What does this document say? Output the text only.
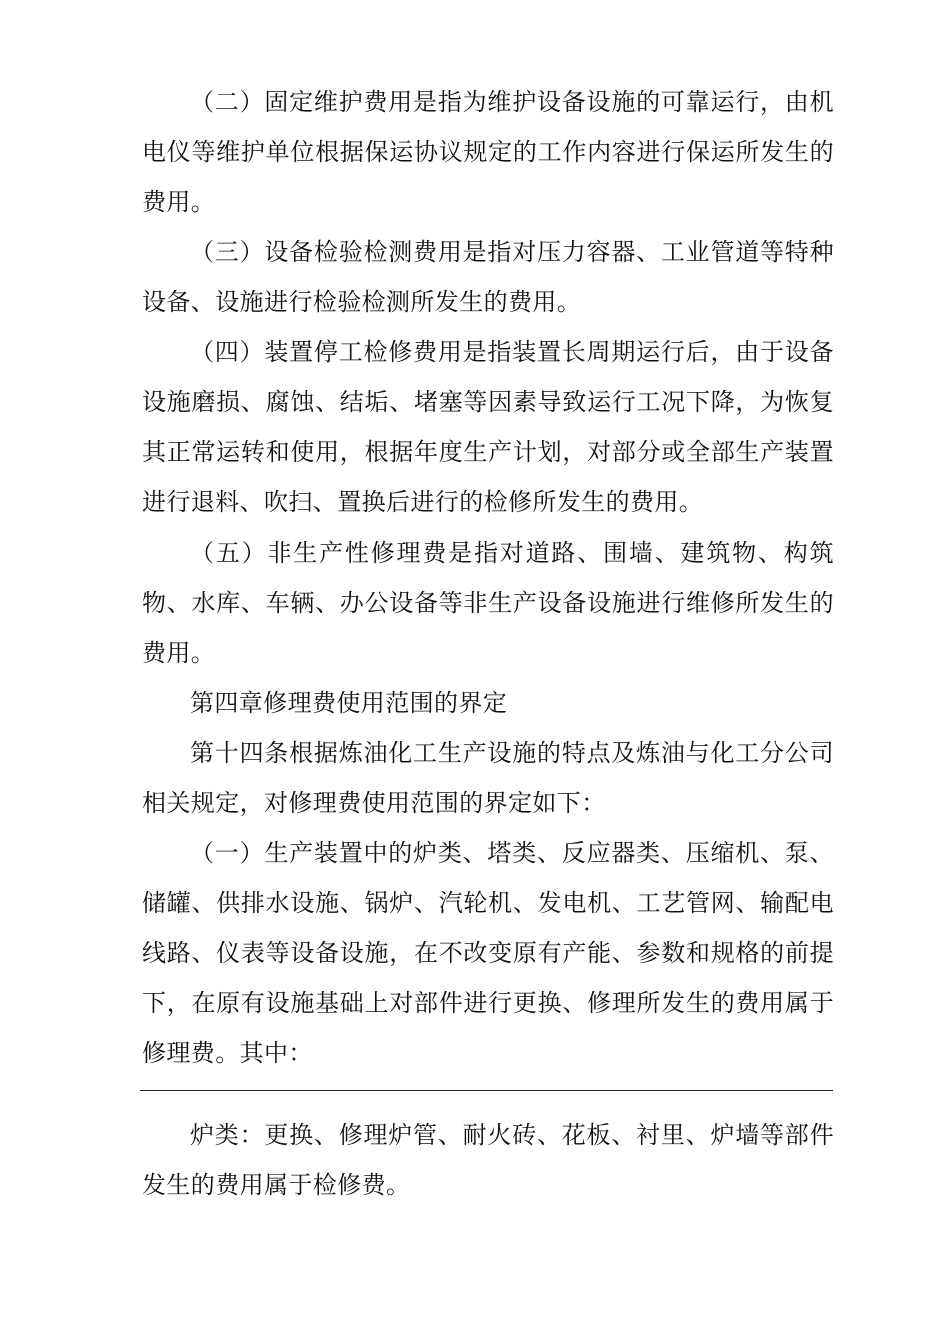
（二）固定维护费用是指为维护设备设施的可靠运行，由机电仪等维护单位根据保运协议规定的工作内容进行保运所发生的费用。

（三）设备检验检测费用是指对压力容器、工业管道等特种设备、设施进行检验检测所发生的费用。

（四）装置停工检修费用是指装置长周期运行后，由于设备设施磨损、腐蚀、结垢、堵塞等因素导致运行工况下降，为恢复其正常运转和使用，根据年度生产计划，对部分或全部生产装置进行退料、吹扫、置换后进行的检修所发生的费用。

（五）非生产性修理费是指对道路、围墙、建筑物、构筑物、水库、车辆、办公设备等非生产设备设施进行维修所发生的费用。

第四章修理费使用范围的界定

第十四条根据炼油化工生产设施的特点及炼油与化工分公司相关规定，对修理费使用范围的界定如下：

（一）生产装置中的炉类、塔类、反应器类、压缩机、泵、储罐、供排水设施、锅炉、汽轮机、发电机、工艺管网、输配电线路、仪表等设备设施，在不改变原有产能、参数和规格的前提下，在原有设施基础上对部件进行更换、修理所发生的费用属于修理费。其中：

炉类：更换、修理炉管、耐火砖、花板、衬里、炉墙等部件发生的费用属于检修费。
